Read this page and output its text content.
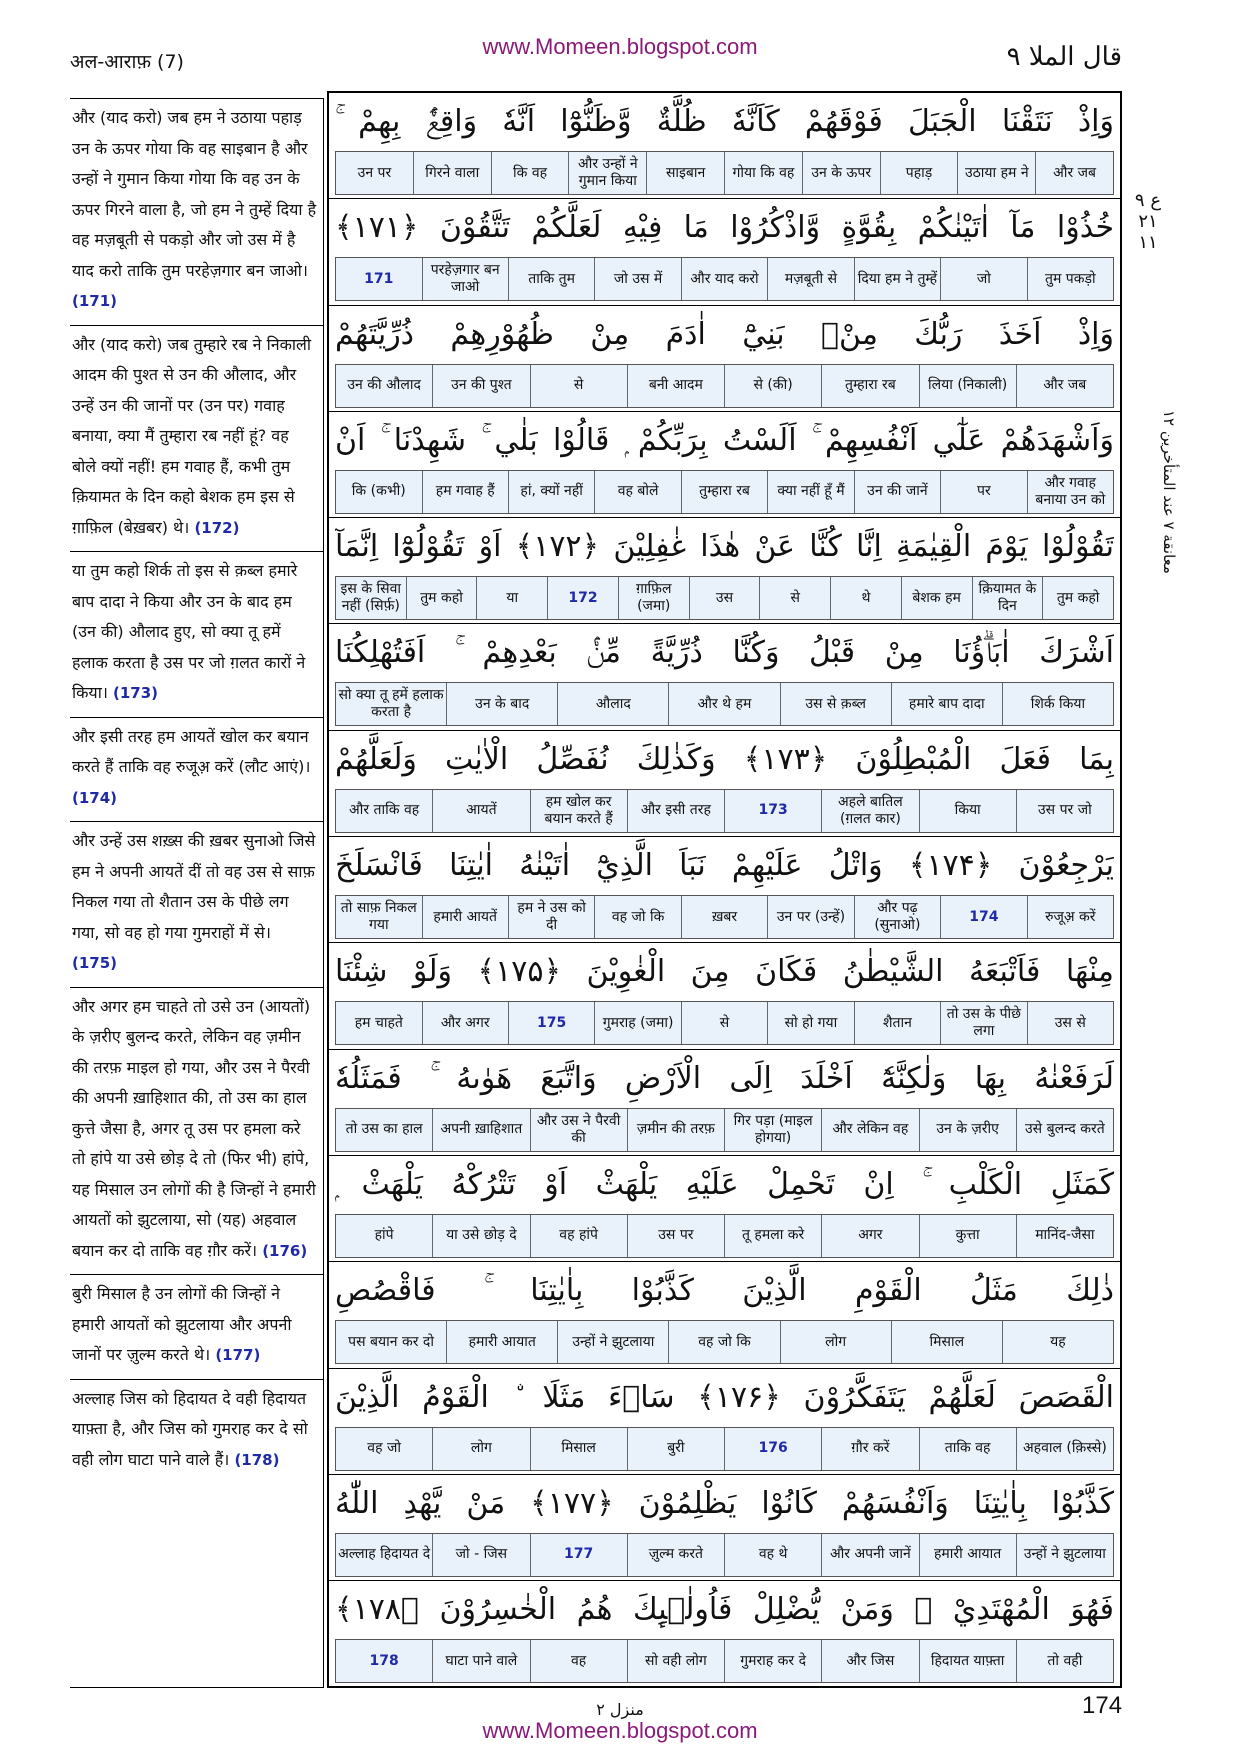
अल-आराफ़ (7)
www.Momeen.blogspot.com	قال الملا ٩
और (याद करो) जब हम ने उठाया पहाड़ उन के ऊपर गोया कि वह साइबान है और उन्हों ने गुमान किया गोया कि वह उन के ऊपर गिरने वाला है, जो हम ने तुम्हें दिया है वह मज़बूती से पकड़ो और जो उस में है याद करो ताकि तुम परहेज़गार बन जाओ। (171)
और (याद करो) जब तुम्हारे रब ने निकाली आदम की पुश्त से उन की औलाद, और उन्हें उन की जानों पर (उन पर) गवाह बनाया, क्या मैं तुम्हारा रब नहीं हूं? वह बोले क्यों नहीं! हम गवाह हैं, कभी तुम क़ियामत के दिन कहो बेशक हम इस से ग़ाफ़िल (बेख़बर) थे। (172)
या तुम कहो शिर्क तो इस से क़ब्ल हमारे बाप दादा ने किया और उन के बाद हम (उन की) औलाद हुए, सो क्या तू हमें हलाक करता है उस पर जो ग़लत कारों ने किया। (173)
और इसी तरह हम आयतें खोल कर बयान करते हैं ताकि वह रुजूअ़ करें (लौट आएं)। (174)
और उन्हें उस शख़्स की ख़बर सुनाओ जिसे हम ने अपनी आयतें दीं तो वह उस से साफ़ निकल गया तो शैतान उस के पीछे लग गया, सो वह हो गया गुमराहों में से। (175)
और अगर हम चाहते तो उसे उन (आयतों) के ज़रीए बुलन्द करते, लेकिन वह ज़मीन की तरफ़ माइल हो गया, और उस ने पैरवी की अपनी ख़ाहिशात की, तो उस का हाल कुत्ते जैसा है, अगर तू उस पर हमला करे तो हांपे या उसे छोड़ दे तो (फिर भी) हांपे, यह मिसाल उन लोगों की है जिन्हों ने हमारी आयतों को झुटलाया, सो (यह) अहवाल बयान कर दो ताकि वह ग़ौर करें। (176)
बुरी मिसाल है उन लोगों की जिन्हों ने हमारी आयतों को झुटलाया और अपनी जानों पर ज़ुल्म करते थे। (177)
अल्लाह जिस को हिदायत दे वही हिदायत याफ़्ता है, और जिस को गुमराह कर दे सो वही लोग घाटा पाने वाले हैं। (178)
وَاِذْ نَتَقْنَا الْجَبَلَ فَوْقَهُمْ كَاَنَّهٗ ظُلَّةٌ وَّظَنُّوْٓا اَنَّهٗ وَاقِعٌۢ بِهِمْ ۚ
और जब
उठाया हम ने
पहाड़
उन के ऊपर
गोया कि वह
साइबान
और उन्हों ने गुमान किया
कि वह
गिरने वाला
उन पर
خُذُوْا مَآ اٰتَيْنٰكُمْ بِقُوَّةٍ وَّاذْكُرُوْا مَا فِيْهِ لَعَلَّكُمْ تَتَّقُوْنَ ﴿۱۷۱﴾
तुम पकड़ो
जो
दिया हम ने तुम्हें
मज़बूती से
और याद करो
जो उस में
ताकि तुम
परहेज़गार बन जाओ
171
وَاِذْ اَخَذَ رَبُّكَ مِنْۢ بَنِيْٓ اٰدَمَ مِنْ ظُهُوْرِهِمْ ذُرِّيَّتَهُمْ
और जब
लिया (निकाली)
तुम्हारा रब
से (की)
बनी आदम
से
उन की पुश्त
उन की औलाद
وَاَشْهَدَهُمْ عَلٰٓي اَنْفُسِهِمْ ۚ اَلَسْتُ بِرَبِّكُمْ ۭ قَالُوْا بَلٰي ۚ شَهِدْنَا ۚ اَنْ
और गवाह बनाया उन को
पर
उन की जानें
क्या नहीं हूँ मैं
तुम्हारा रब
वह बोले
हां, क्यों नहीं
हम गवाह हैं
कि (कभी)
تَقُوْلُوْا يَوْمَ الْقِيٰمَةِ اِنَّا كُنَّا عَنْ هٰذَا غٰفِلِيْنَ ﴿۱۷۲﴾ اَوْ تَقُوْلُوْٓا اِنَّمَآ
तुम कहो
क़ियामत के दिन
बेशक हम
थे
से
उस
ग़ाफ़िल (जमा)
172
या
तुम कहो
इस के सिवा नहीं (सिर्फ़)
اَشْرَكَ اٰبَاۗؤُنَا مِنْ قَبْلُ وَكُنَّا ذُرِّيَّةً مِّنْۢ بَعْدِهِمْ ۚ اَفَتُهْلِكُنَا
शिर्क किया
हमारे बाप दादा
उस से क़ब्ल
और थे हम
औलाद
उन के बाद
सो क्या तू हमें हलाक करता है
بِمَا فَعَلَ الْمُبْطِلُوْنَ ﴿۱۷۳﴾ وَكَذٰلِكَ نُفَصِّلُ الْاٰيٰتِ وَلَعَلَّهُمْ
उस पर जो
किया
अहले बातिल (ग़लत कार)
173
और इसी तरह
हम खोल कर बयान करते हैं
आयतें
और ताकि वह
يَرْجِعُوْنَ ﴿۱۷۴﴾ وَاتْلُ عَلَيْهِمْ نَبَاَ الَّذِيْٓ اٰتَيْنٰهُ اٰيٰتِنَا فَانْسَلَخَ
रुजूअ़ करें
174
और पढ़ (सुनाओ)
उन पर (उन्हें)
ख़बर
वह जो कि
हम ने उस को दी
हमारी आयतें
तो साफ़ निकल गया
مِنْهَا فَاَتْبَعَهُ الشَّيْطٰنُ فَكَانَ مِنَ الْغٰوِيْنَ ﴿۱۷۵﴾ وَلَوْ شِئْنَا
उस से
तो उस के पीछे लगा
शैतान
सो हो गया
से
गुमराह (जमा)
175
और अगर
हम चाहते
لَرَفَعْنٰهُ بِهَا وَلٰكِنَّهٗٓ اَخْلَدَ اِلَى الْاَرْضِ وَاتَّبَعَ هَوٰىهُ ۚ فَمَثَلُهٗ
उसे बुलन्द करते
उन के ज़रीए
और लेकिन वह
गिर पड़ा (माइल होगया)
ज़मीन की तरफ़
और उस ने पैरवी की
अपनी ख़ाहिशात
तो उस का हाल
كَمَثَلِ الْكَلْبِ ۚ اِنْ تَحْمِلْ عَلَيْهِ يَلْهَثْ اَوْ تَتْرُكْهُ يَلْهَثْ ۭ
मानिंद-जैसा
कुत्ता
अगर
तू हमला करे
उस पर
वह हांपे
या उसे छोड़ दे
हांपे
ذٰلِكَ مَثَلُ الْقَوْمِ الَّذِيْنَ كَذَّبُوْا بِاٰيٰتِنَا ۚ فَاقْصُصِ
यह
मिसाल
लोग
वह जो कि
उन्हों ने झुटलाया
हमारी आयात
पस बयान कर दो
الْقَصَصَ لَعَلَّهُمْ يَتَفَكَّرُوْنَ ﴿۱۷۶﴾ سَاۗءَ مَثَلَا ۨ الْقَوْمُ الَّذِيْنَ
अहवाल (क़िस्से)
ताकि वह
ग़ौर करें
176
बुरी
मिसाल
लोग
वह जो
كَذَّبُوْا بِاٰيٰتِنَا وَاَنْفُسَهُمْ كَانُوْا يَظْلِمُوْنَ ﴿۱۷۷﴾ مَنْ يَّهْدِ اللّٰهُ
उन्हों ने झुटलाया
हमारी आयात
और अपनी जानें
वह थे
ज़ुल्म करते
177
जो - जिस
अल्लाह हिदायत दे
فَهُوَ الْمُهْتَدِيْ ۚ وَمَنْ يُّضْلِلْ فَاُولٰۗىِٕكَ هُمُ الْخٰسِرُوْنَ ﴿۱۷۸﴾
तो वही
हिदायत याफ़्ता
और जिस
गुमराह कर दे
सो वही लोग
वह
घाटा पाने वाले
178
ع ۹ ۲۱ ۱۱
معانقة ٧ عند المتأخرين ١٢
منزل ٢	174
www.Momeen.blogspot.com
